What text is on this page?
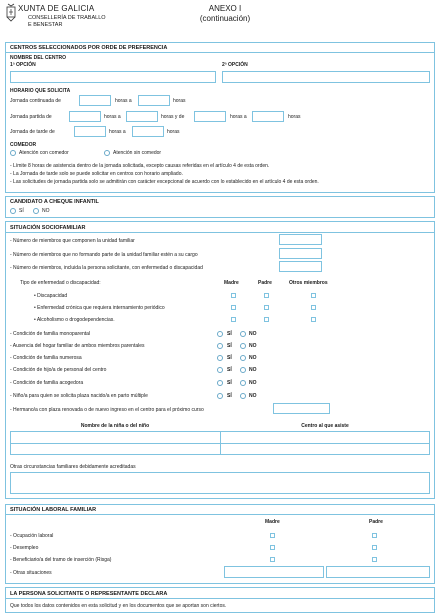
XUNTA DE GALICIA
CONSELLERÍA DE TRABALLO
E BENESTAR
ANEXO I
(continuación)
CENTROS SELECCIONADOS POR ORDE DE PREFERENCIA
NOMBRE DEL CENTRO
1ª OPCIÓN	2ª OPCIÓN
HORARIO QUE SOLICITA
Jornada continuada de	horas a	horas
Jornada partida de	horas a	horas y de	horas a	horas
Jornada de tarde de	horas a	horas
COMEDOR
Atención con comedor	Atención sin comedor
- Límite 8 horas de asistencia dentro de la jornada solicitada, excepto causas referidas en el artículo 4 de esta orden.
- La Jornada de tarde solo se puede solicitar en centros con horario ampliado.
- Las solicitudes de jornada partida solo se admitirán con carácter excepcional de acuerdo con lo establecido en el artículo 4 de esta orden.
CANDIDATO A CHEQUE INFANTIL
SÍ	NO
SITUACIÓN SOCIOFAMILIAR
- Número de miembros que componen la unidad familiar
- Número de miembros que no formando parte de la unidad familiar estén a su cargo
- Número de miembros, incluida la persona solicitante, con enfermedad o discapacidad
Tipo de enfermedad o discapacidad:	Madre	Padre	Otros miembros
• Discapacidad
• Enfermedad crónica que requiera internamiento periódico
• Alcoholismo o drogodependencias.
- Condición de familia monoparental	SÍ	NO
- Ausencia del hogar familiar de ambos miembros parentales	SÍ	NO
- Condición de familia numerosa	SÍ	NO
- Condición de hijo/a de personal del centro	SÍ	NO
- Condición de familia acogedora	SÍ	NO
- Niño/a para quien se solicita plaza nacido/a en parto múltiple	SÍ	NO
- Hermano/a con plaza renovada o de nuevo ingreso en el centro para el próximo curso
Nombre de la niña o del niño	Centro al que asiste
Otras circunstancias familiares debidamente acreditadas
SITUACIÓN LABORAL FAMILIAR
Madre	Padre
- Ocupación laboral
- Desempleo
- Beneficiario/a del tramo de inserción (Risga)
- Otras situaciones
LA PERSONA SOLICITANTE O REPRESENTANTE DECLARA
Que todos los datos contenidos en esta solicitud y en los documentos que se aportan son ciertos.
